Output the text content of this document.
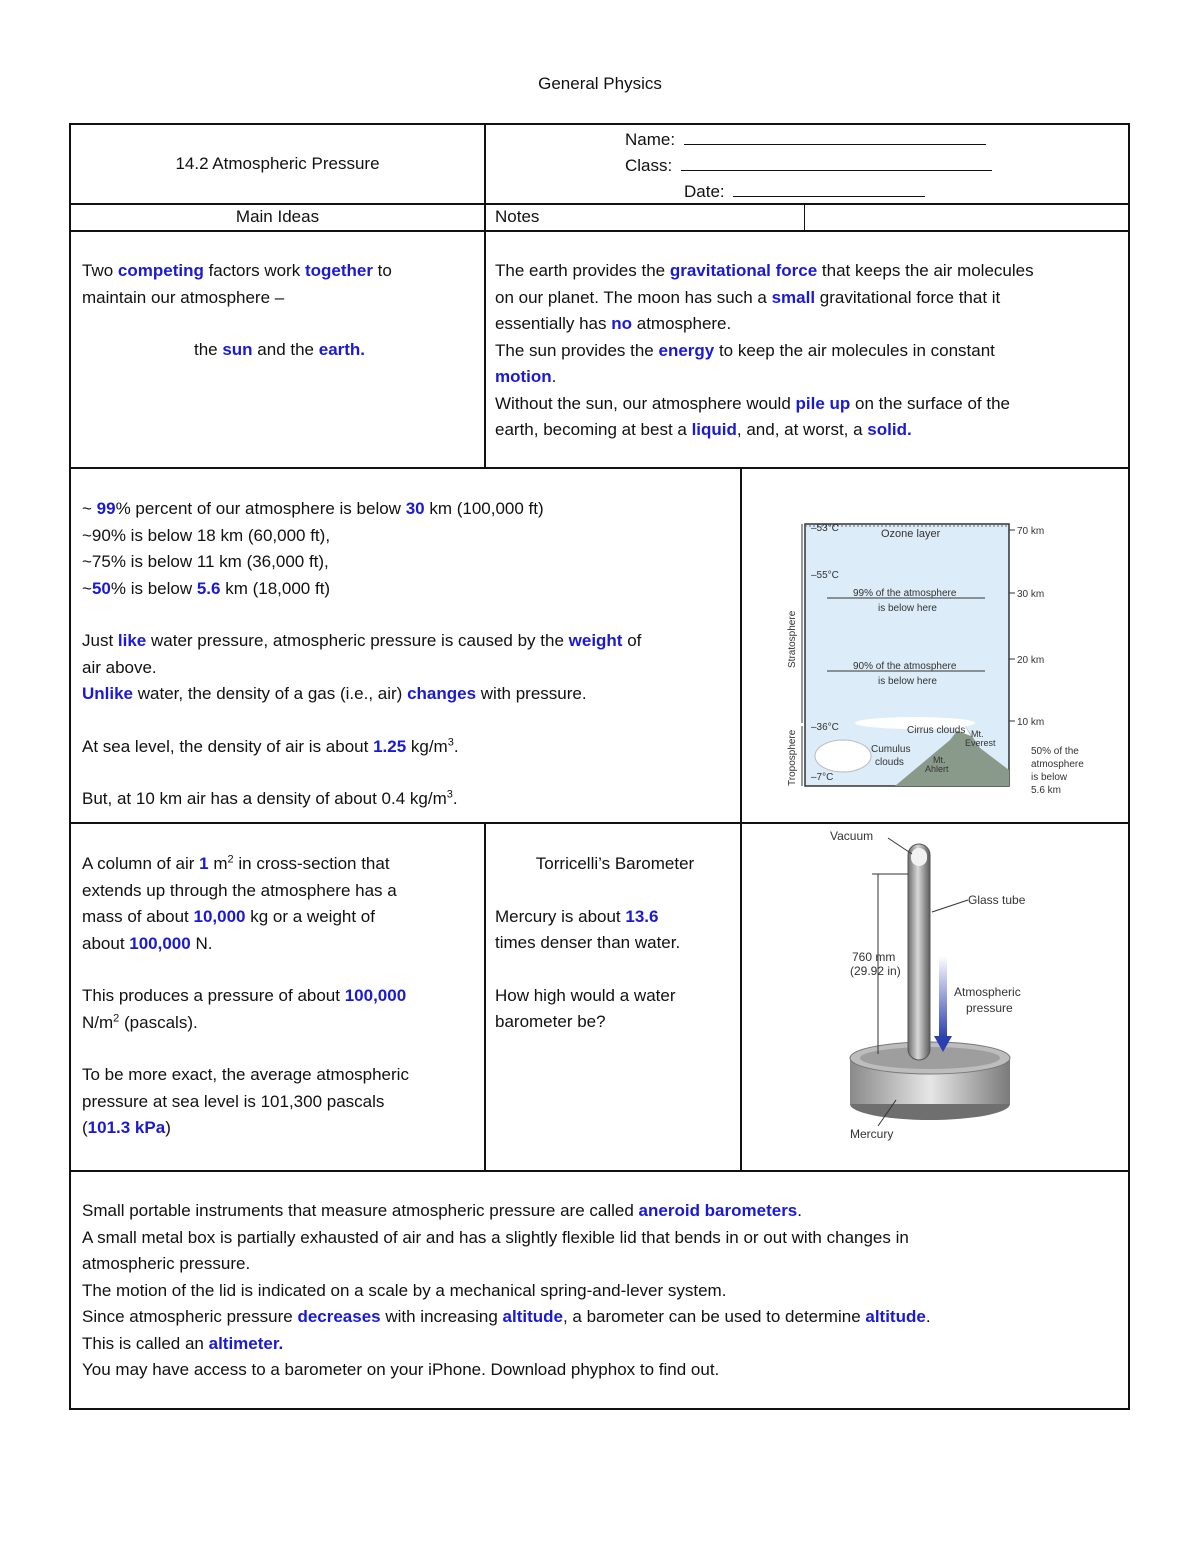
General Physics
14.2 Atmospheric Pressure
Name:
Class:
Date:
Main Ideas	Notes
Two competing factors work together to
maintain our atmosphere –
the sun and the earth.
The earth provides the gravitational force that keeps the air molecules
on our planet. The moon has such a small gravitational force that it
essentially has no atmosphere.
The sun provides the energy to keep the air molecules in constant
motion.
Without the sun, our atmosphere would pile up on the surface of the
earth, becoming at best a liquid, and, at worst, a solid.
~ 99% percent of our atmosphere is below 30 km (100,000 ft)
~90% is below 18 km (60,000 ft),
~75% is below 11 km (36,000 ft),
~50% is below 5.6 km (18,000 ft)
Just like water pressure, atmospheric pressure is caused by the weight of
air above.
Unlike water, the density of a gas (i.e., air) changes with pressure.
At sea level, the density of air is about 1.25 $kg/m^3$.
But, at 10 km air has a density of about 0.4 $kg/m^3$.
Ozone layer
–53°C
–55°C
–36°C
–7°C
70 km
30 km
20 km
10 km
Stratosphere
Troposphere
99% of the atmosphere
is below here
90% of the atmosphere
is below here
Cirrus clouds
Cumulus
clouds
Mt.
Everest
Mt.
Ahlert
50% of the
atmosphere
is below
5.6 km
A column of air 1 $m^2$ in cross-section that
extends up through the atmosphere has a
mass of about 10,000 kg or a weight of
about 100,000 N.
This produces a pressure of about 100,000
$N/m^2$ (pascals).
To be more exact, the average atmospheric
pressure at sea level is 101,300 pascals
(101.3 kPa)
Torricelli’s Barometer
Mercury is about 13.6
times denser than water.
How high would a water
barometer be?
760 mm
(29.92 in)
Vacuum
Glass tube
Atmospheric
pressure
Mercury
Small portable instruments that measure atmospheric pressure are called aneroid barometers.
A small metal box is partially exhausted of air and has a slightly flexible lid that bends in or out with changes in
atmospheric pressure.
The motion of the lid is indicated on a scale by a mechanical spring-and-lever system.
Since atmospheric pressure decreases with increasing altitude, a barometer can be used to determine altitude.
This is called an altimeter.
You may have access to a barometer on your iPhone. Download phyphox to find out.
